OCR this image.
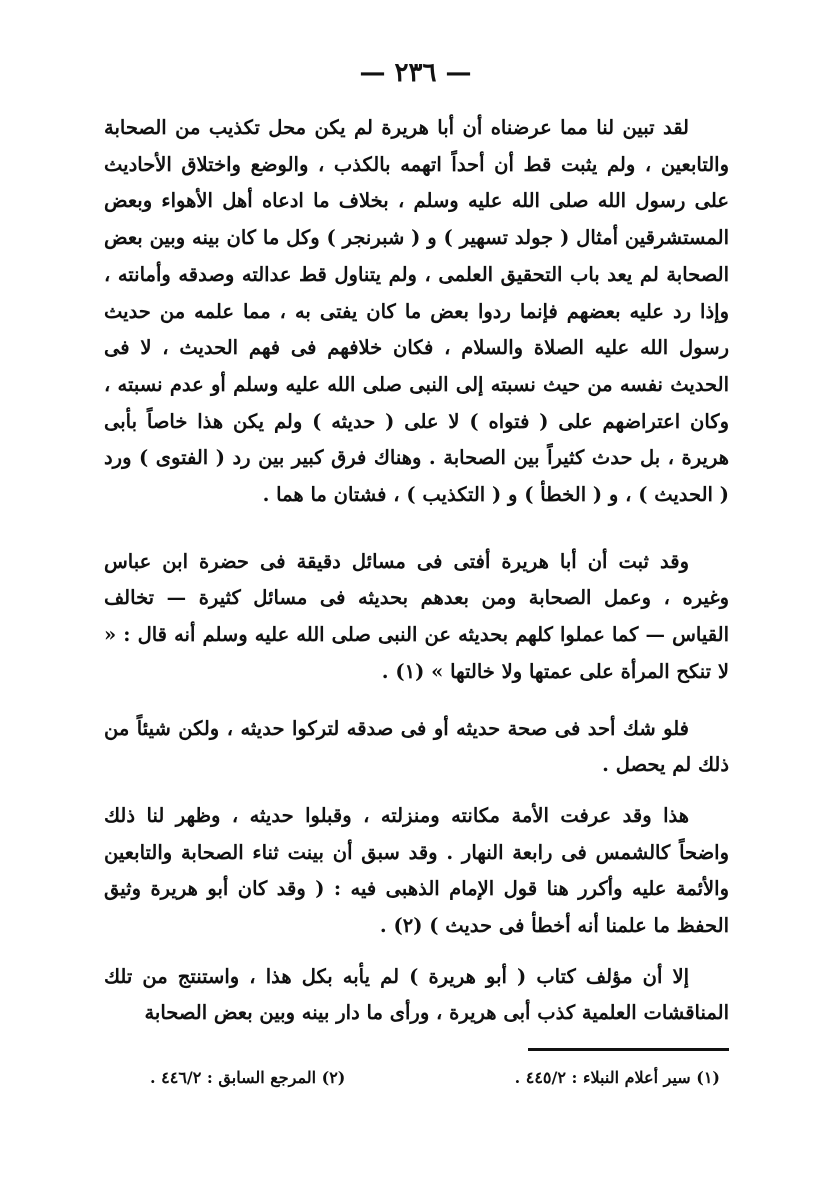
— ٢٣٦ —

لقد تبين لنا مما عرضناه أن أبا هريرة لم يكن محل تكذيب من الصحابة والتابعين ، ولم يثبت قط أن أحداً اتهمه بالكذب ، والوضع واختلاق الأحاديث على رسول الله صلى الله عليه وسلم ، بخلاف ما ادعاه أهل الأهواء وبعض المستشرقين أمثال ( جولد تسهير ) و ( شبرنجر ) وكل ما كان بينه وبين بعض الصحابة لم يعد باب التحقيق العلمى ، ولم يتناول قط عدالته وصدقه وأمانته ، وإذا رد عليه بعضهم فإنما ردوا بعض ما كان يفتى به ، مما علمه من حديث رسول الله عليه الصلاة والسلام ، فكان خلافهم فى فهم الحديث ، لا فى الحديث نفسه من حيث نسبته إلى النبى صلى الله عليه وسلم أو عدم نسبته ، وكان اعتراضهم على ( فتواه ) لا على ( حديثه ) ولم يكن هذا خاصاً بأبى هريرة ، بل حدث كثيراً بين الصحابة . وهناك فرق كبير بين رد ( الفتوى ) ورد ( الحديث ) ، و ( الخطأ ) و ( التكذيب ) ، فشتان ما هما .

وقد ثبت أن أبا هريرة أفتى فى مسائل دقيقة فى حضرة ابن عباس وغيره ، وعمل الصحابة ومن بعدهم بحديثه فى مسائل كثيرة — تخالف القياس — كما عملوا كلهم بحديثه عن النبى صلى الله عليه وسلم أنه قال : « لا تنكح المرأة على عمتها ولا خالتها » (١) .

فلو شك أحد فى صحة حديثه أو فى صدقه لتركوا حديثه ، ولكن شيئاً من ذلك لم يحصل .

هذا وقد عرفت الأمة مكانته ومنزلته ، وقبلوا حديثه ، وظهر لنا ذلك واضحاً كالشمس فى رابعة النهار . وقد سبق أن بينت ثناء الصحابة والتابعين والأئمة عليه وأكرر هنا قول الإمام الذهبى فيه : ( وقد كان أبو هريرة وثيق الحفظ ما علمنا أنه أخطأ فى حديث ) (٢) .

إلا أن مؤلف كتاب ( أبو هريرة ) لم يأبه بكل هذا ، واستنتج من تلك المناقشات العلمية كذب أبى هريرة ، ورأى ما دار بينه وبين بعض الصحابة

(١) سير أعلام النبلاء : ٤٤٥/٢ .
(٢) المرجع السابق : ٤٤٦/٢ .
